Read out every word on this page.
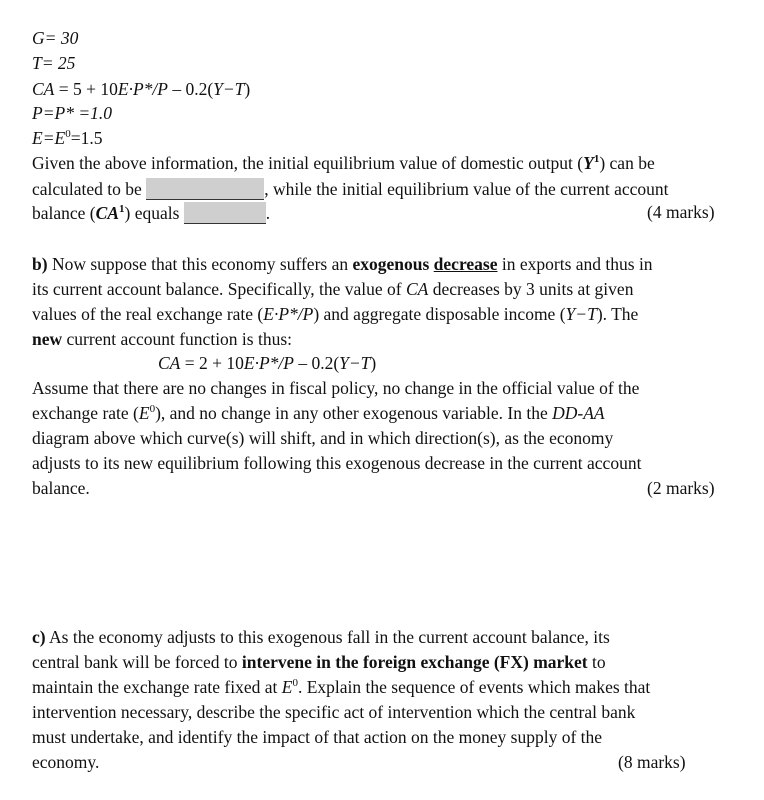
G= 30
T= 25
CA = 5 + 10E·P*/P – 0.2(Y−T)
P=P* =1.0
$E=E^0=1.5$
Given the above information, the initial equilibrium value of domestic output $(Y^1)$ can be
calculated to be	, while the initial equilibrium value of the current account
balance $(CA^1)$ equals	.	(4 marks)
b) Now suppose that this economy suffers an exogenous decrease in exports and thus in
its current account balance. Specifically, the value of CA decreases by 3 units at given
values of the real exchange rate (E·P*/P) and aggregate disposable income (Y−T). The
new current account function is thus:
CA = 2 + 10E·P*/P – 0.2(Y−T)
Assume that there are no changes in fiscal policy, no change in the official value of the
exchange rate $(E^0)$, and no change in any other exogenous variable. In the DD-AA
diagram above which curve(s) will shift, and in which direction(s), as the economy
adjusts to its new equilibrium following this exogenous decrease in the current account
balance.	(2 marks)
c) As the economy adjusts to this exogenous fall in the current account balance, its
central bank will be forced to intervene in the foreign exchange (FX) market to
maintain the exchange rate fixed at $E^0$. Explain the sequence of events which makes that
intervention necessary, describe the specific act of intervention which the central bank
must undertake, and identify the impact of that action on the money supply of the
economy.	(8 marks)
